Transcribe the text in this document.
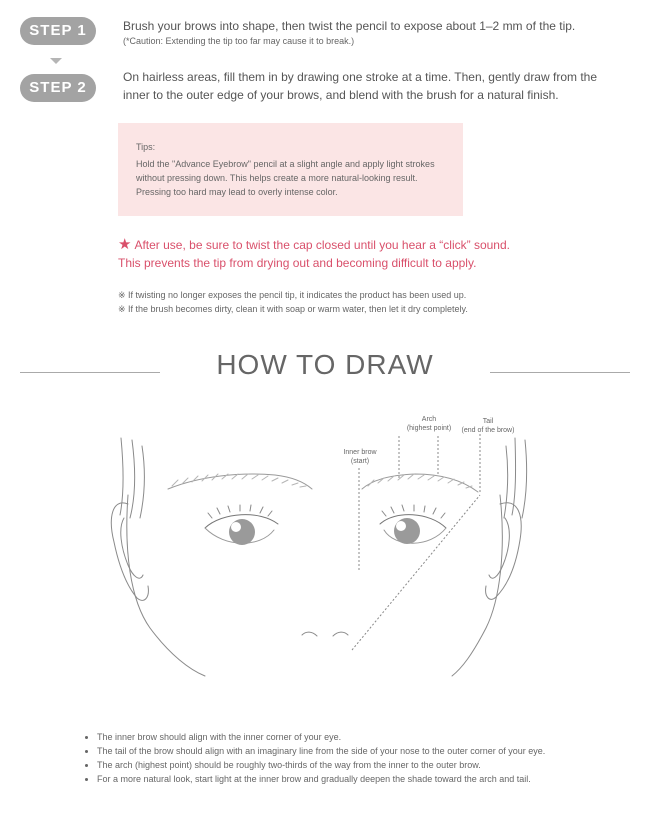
STEP 1	Brush your brows into shape, then twist the pencil to expose about 1–2 mm of the tip.
(*Caution: Extending the tip too far may cause it to break.)
STEP 2
On hairless areas, fill them in by drawing one stroke at a time. Then, gently draw from the inner to the outer edge of your brows, and blend with the brush for a natural finish.
Tips:
Hold the "Advance Eyebrow" pencil at a slight angle and apply light strokes without pressing down. This helps create a more natural-looking result. Pressing too hard may lead to overly intense color.
★ After use, be sure to twist the cap closed until you hear a “click” sound.
This prevents the tip from drying out and becoming difficult to apply.
※ If twisting no longer exposes the pencil tip, it indicates the product has been used up.
※ If the brush becomes dirty, clean it with soap or warm water, then let it dry completely.
HOW TO DRAW
Inner brow
(start)
Arch
(highest point)
Tail
(end of the brow)
• The inner brow should align with the inner corner of your eye.
• The tail of the brow should align with an imaginary line from the side of your nose to the outer corner of your eye.
• The arch (highest point) should be roughly two-thirds of the way from the inner to the outer brow.
• For a more natural look, start light at the inner brow and gradually deepen the shade toward the arch and tail.
